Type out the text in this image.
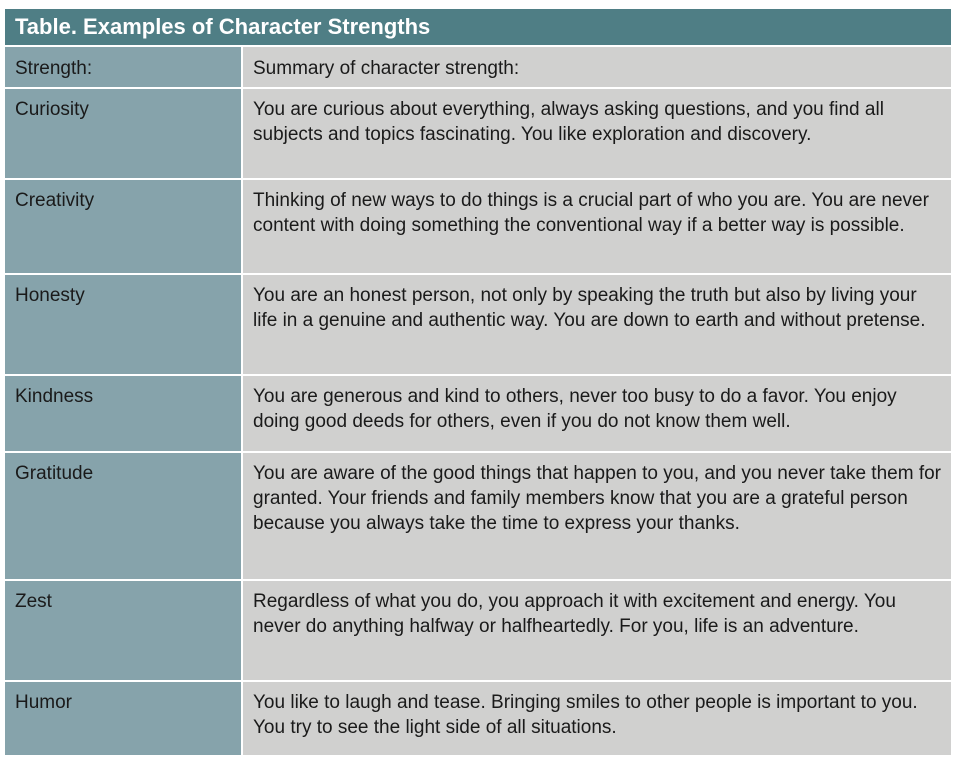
Table. Examples of Character Strengths	
Strength:	Summary of character strength:
Curiosity	You are curious about everything, always asking questions, and you find all subjects and topics fascinating. You like exploration and discovery.
Creativity	Thinking of new ways to do things is a crucial part of who you are. You are never content with doing something the conventional way if a better way is possible.
Honesty	You are an honest person, not only by speaking the truth but also by living your life in a genuine and authentic way. You are down to earth and without pretense.
Kindness	You are generous and kind to others, never too busy to do a favor. You enjoy doing good deeds for others, even if you do not know them well.
Gratitude	You are aware of the good things that happen to you, and you never take them for granted. Your friends and family members know that you are a grateful person because you always take the time to express your thanks.
Zest	Regardless of what you do, you approach it with excitement and energy. You never do anything halfway or halfheartedly. For you, life is an adventure.
Humor	You like to laugh and tease. Bringing smiles to other people is important to you. You try to see the light side of all situations.
